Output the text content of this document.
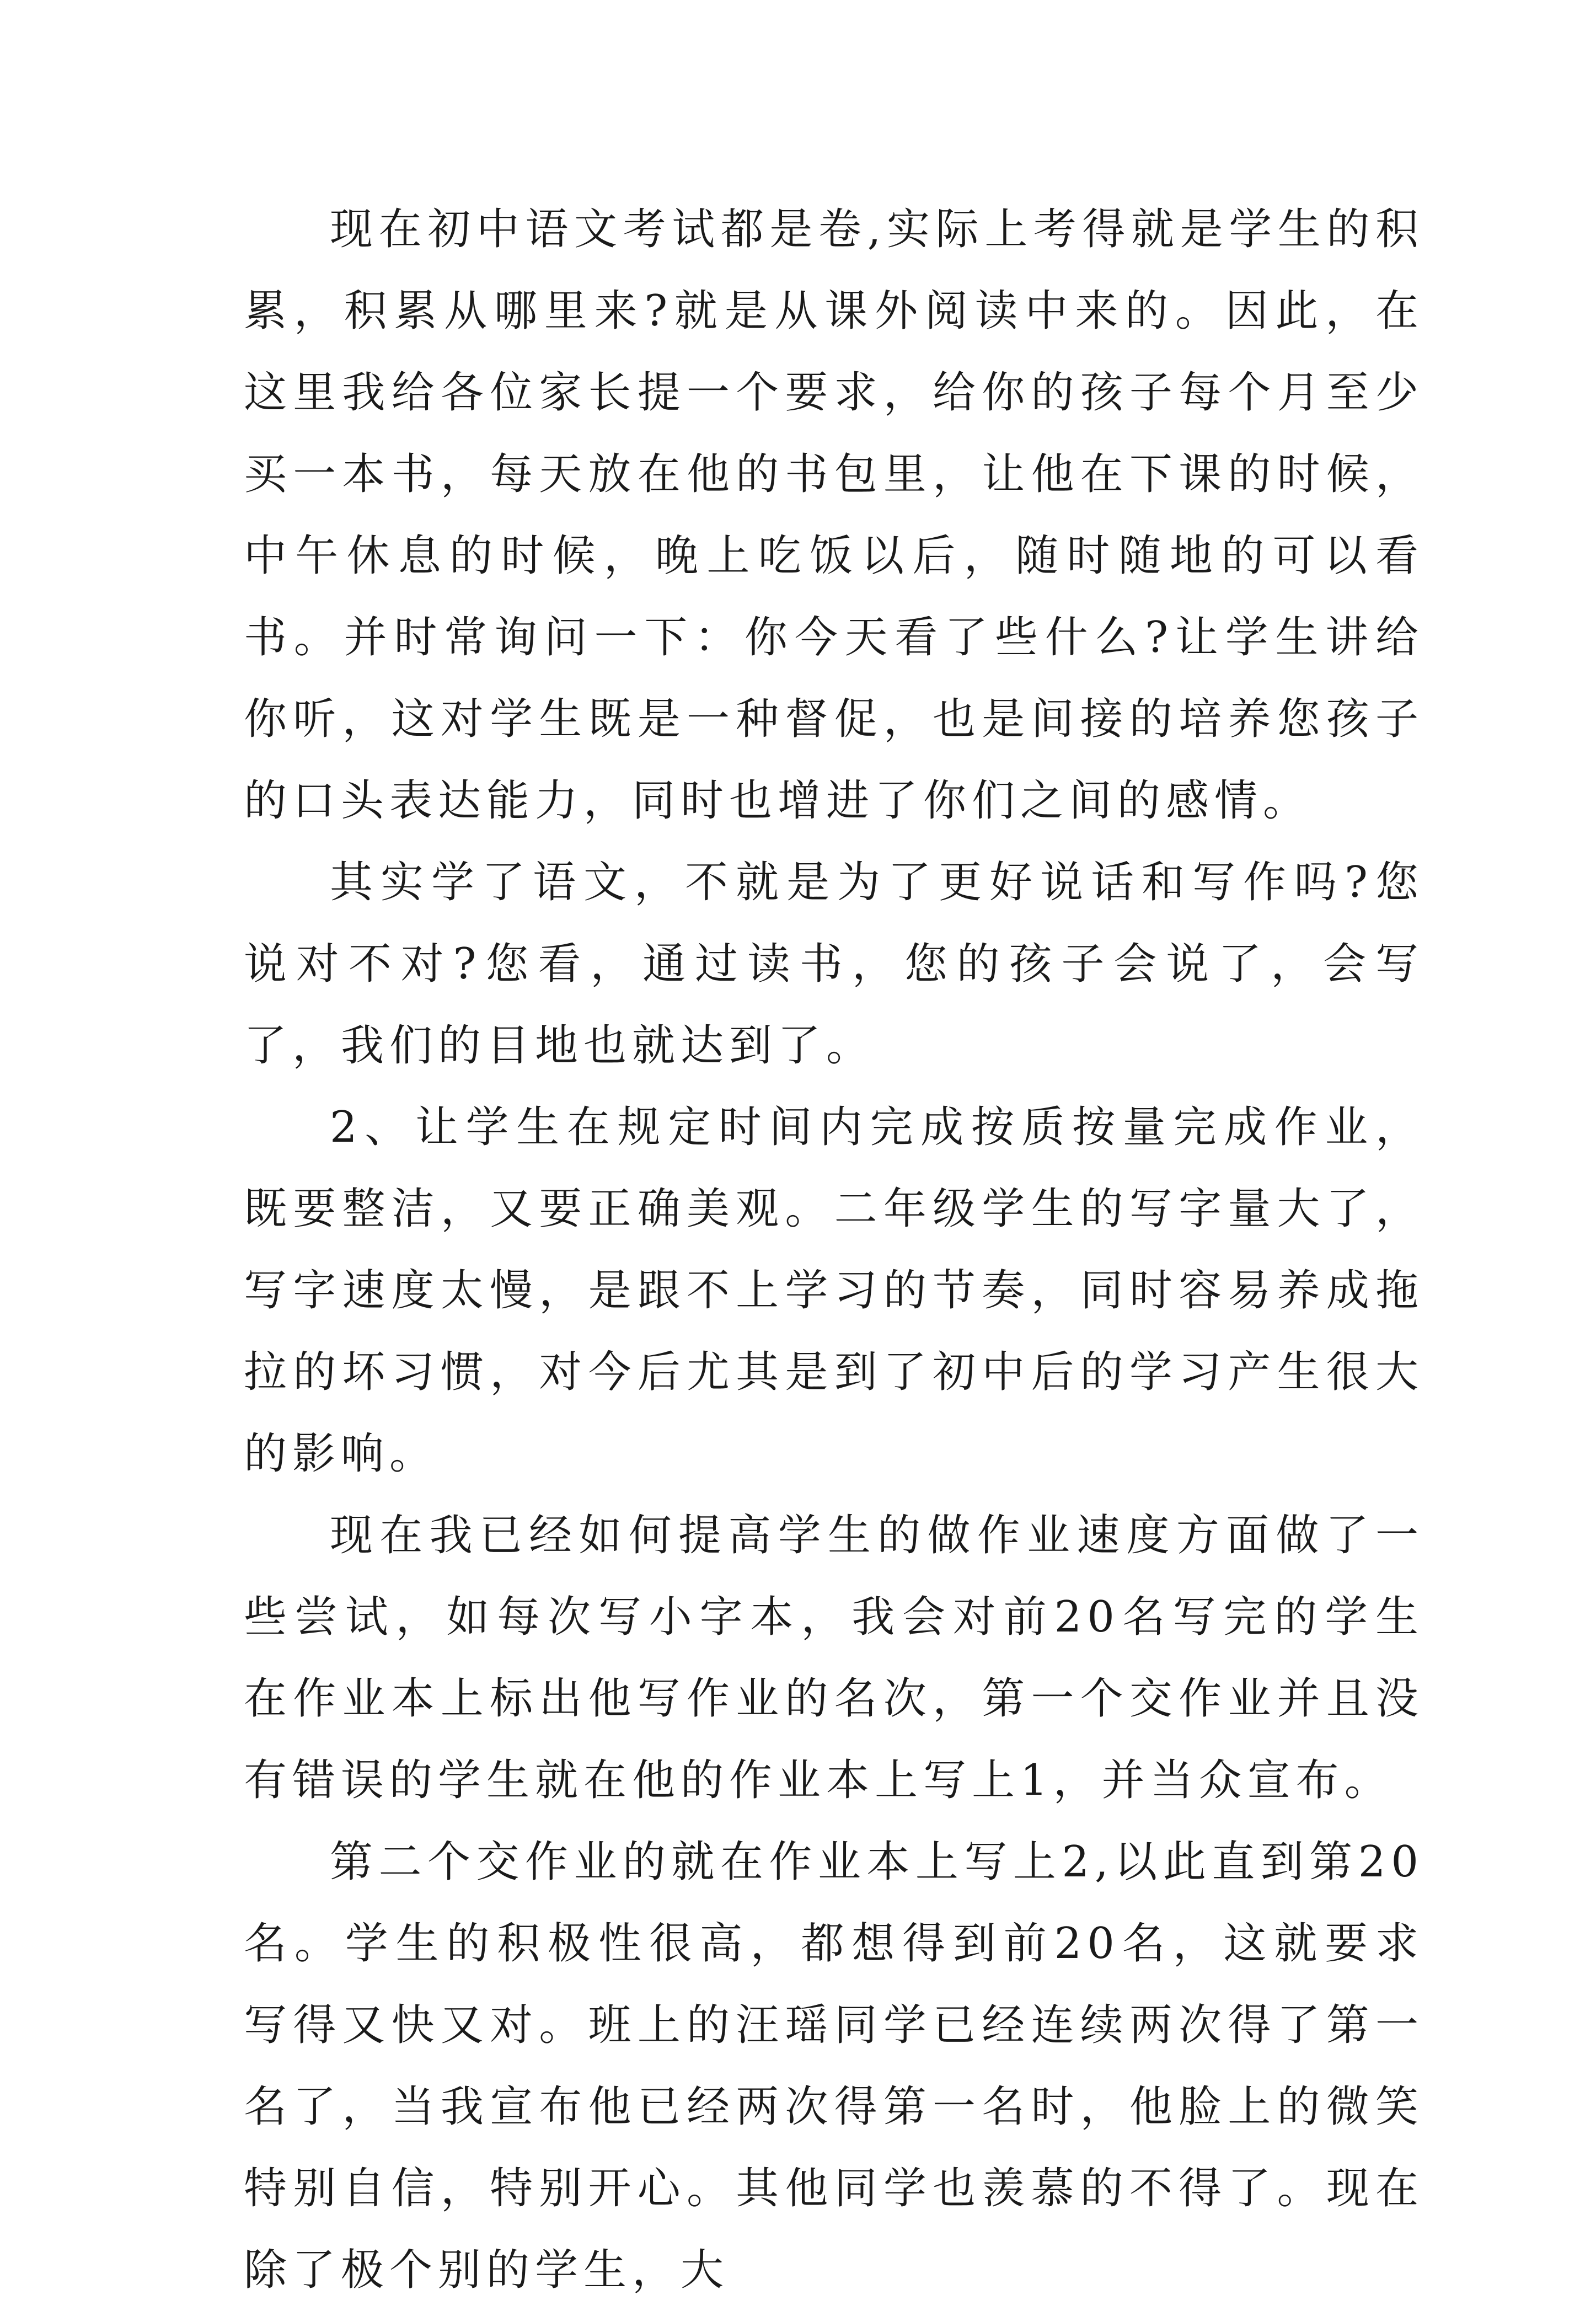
现在初中语文考试都是卷,实际上考得就是学生的积累，积累从哪里来?就是从课外阅读中来的。因此，在这里我给各位家长提一个要求，给你的孩子每个月至少买一本书，每天放在他的书包里，让他在下课的时候，中午休息的时候，晚上吃饭以后，随时随地的可以看书。并时常询问一下：你今天看了些什么?让学生讲给你听，这对学生既是一种督促，也是间接的培养您孩子的口头表达能力，同时也增进了你们之间的感情。

其实学了语文，不就是为了更好说话和写作吗?您说对不对?您看，通过读书，您的孩子会说了，会写了，我们的目地也就达到了。

2、让学生在规定时间内完成按质按量完成作业，既要整洁，又要正确美观。二年级学生的写字量大了，写字速度太慢，是跟不上学习的节奏，同时容易养成拖拉的坏习惯，对今后尤其是到了初中后的学习产生很大的影响。

现在我已经如何提高学生的做作业速度方面做了一些尝试，如每次写小字本，我会对前20名写完的学生在作业本上标出他写作业的名次，第一个交作业并且没有错误的学生就在他的作业本上写上1，并当众宣布。

第二个交作业的就在作业本上写上2,以此直到第20名。学生的积极性很高，都想得到前20名，这就要求写得又快又对。班上的汪瑶同学已经连续两次得了第一名了，当我宣布他已经两次得第一名时，他脸上的微笑特别自信，特别开心。其他同学也羡慕的不得了。现在除了极个别的学生，大
